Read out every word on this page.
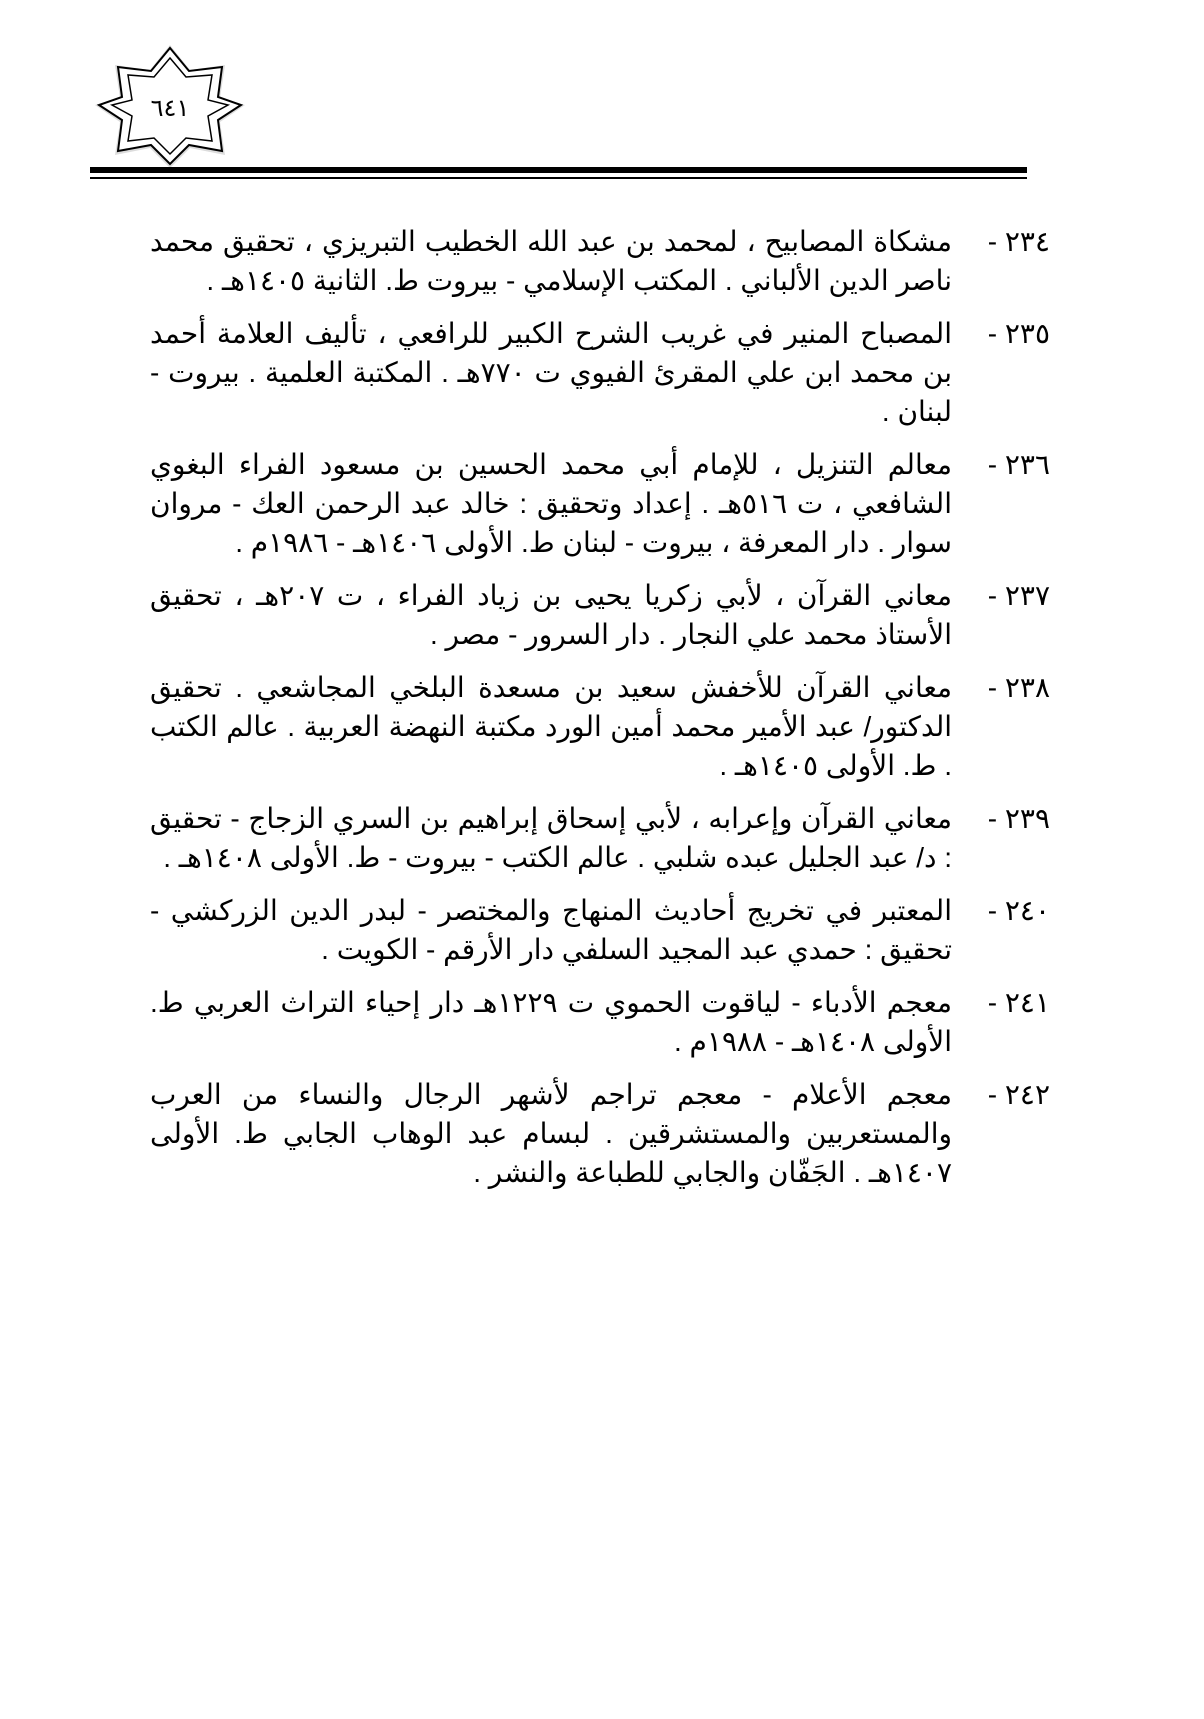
٦٤١
٢٣٤ -
مشكاة المصابيح ، لمحمد بن عبد الله الخطيب التبريزي ، تحقيق محمد ناصر الدين الألباني . المكتب الإسلامي - بيروت ط. الثانية ١٤٠٥هـ .
٢٣٥ -
المصباح المنير في غريب الشرح الكبير للرافعي ، تأليف العلامة أحمد بن محمد ابن علي المقرئ الفيوي ت ٧٧٠هـ . المكتبة العلمية . بيروت - لبنان .
٢٣٦ -
معالم التنزيل ، للإمام أبي محمد الحسين بن مسعود الفراء البغوي الشافعي ، ت ٥١٦هـ . إعداد وتحقيق : خالد عبد الرحمن العك - مروان سوار . دار المعرفة ، بيروت - لبنان ط. الأولى ١٤٠٦هـ - ١٩٨٦م .
٢٣٧ -
معاني القرآن ، لأبي زكريا يحيى بن زياد الفراء ، ت ٢٠٧هـ ، تحقيق الأستاذ محمد علي النجار . دار السرور - مصر .
٢٣٨ -
معاني القرآن للأخفش سعيد بن مسعدة البلخي المجاشعي . تحقيق الدكتور/ عبد الأمير محمد أمين الورد مكتبة النهضة العربية . عالم الكتب . ط. الأولى ١٤٠٥هـ .
٢٣٩ -
معاني القرآن وإعرابه ، لأبي إسحاق إبراهيم بن السري الزجاج - تحقيق : د/ عبد الجليل عبده شلبي . عالم الكتب - بيروت - ط. الأولى ١٤٠٨هـ .
٢٤٠ -
المعتبر في تخريج أحاديث المنهاج والمختصر - لبدر الدين الزركشي - تحقيق : حمدي عبد المجيد السلفي دار الأرقم - الكويت .
٢٤١ -
معجم الأدباء - لياقوت الحموي ت ١٢٢٩هـ دار إحياء التراث العربي ط. الأولى ١٤٠٨هـ - ١٩٨٨م .
٢٤٢ -
معجم الأعلام - معجم تراجم لأشهر الرجال والنساء من العرب والمستعربين والمستشرقين . لبسام عبد الوهاب الجابي ط. الأولى ١٤٠٧هـ . الجَفّان والجابي للطباعة والنشر .
